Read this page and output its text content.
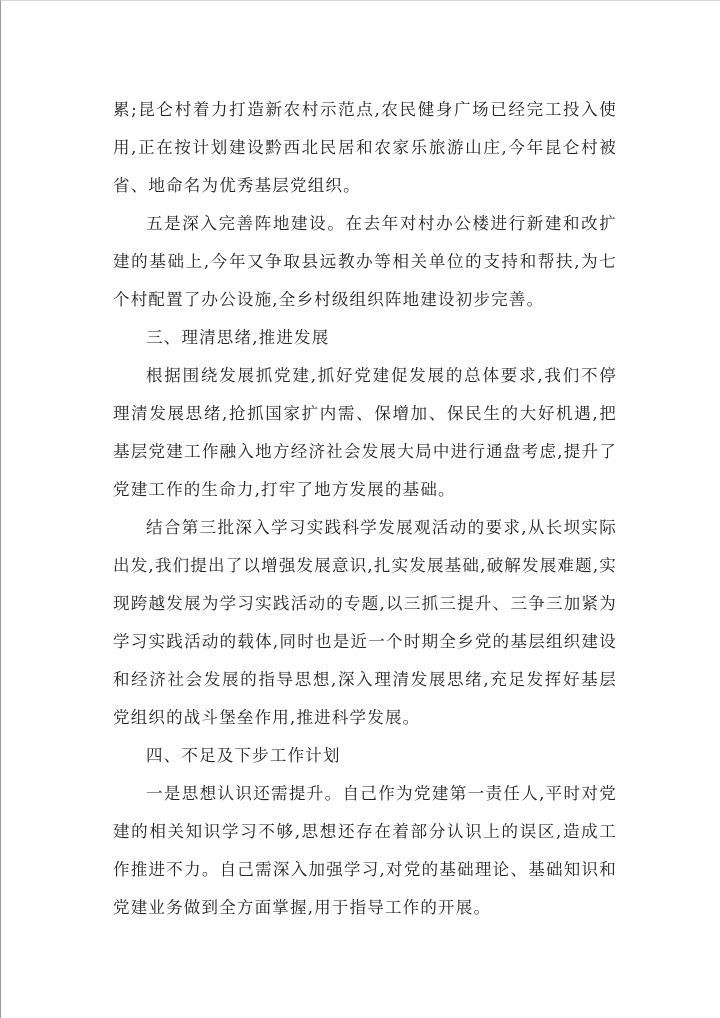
累;昆仑村着力打造新农村示范点,农民健身广场已经完工投入使用,正在按计划建设黔西北民居和农家乐旅游山庄,今年昆仑村被省、地命名为优秀基层党组织。

五是深入完善阵地建设。在去年对村办公楼进行新建和改扩建的基础上,今年又争取县远教办等相关单位的支持和帮扶,为七个村配置了办公设施,全乡村级组织阵地建设初步完善。

三、理清思绪,推进发展

根据围绕发展抓党建,抓好党建促发展的总体要求,我们不停理清发展思绪,抢抓国家扩内需、保增加、保民生的大好机遇,把基层党建工作融入地方经济社会发展大局中进行通盘考虑,提升了党建工作的生命力,打牢了地方发展的基础。

结合第三批深入学习实践科学发展观活动的要求,从长坝实际出发,我们提出了以增强发展意识,扎实发展基础,破解发展难题,实现跨越发展为学习实践活动的专题,以三抓三提升、三争三加紧为学习实践活动的载体,同时也是近一个时期全乡党的基层组织建设和经济社会发展的指导思想,深入理清发展思绪,充足发挥好基层党组织的战斗堡垒作用,推进科学发展。

四、不足及下步工作计划

一是思想认识还需提升。自己作为党建第一责任人,平时对党建的相关知识学习不够,思想还存在着部分认识上的误区,造成工作推进不力。自己需深入加强学习,对党的基础理论、基础知识和党建业务做到全方面掌握,用于指导工作的开展。
